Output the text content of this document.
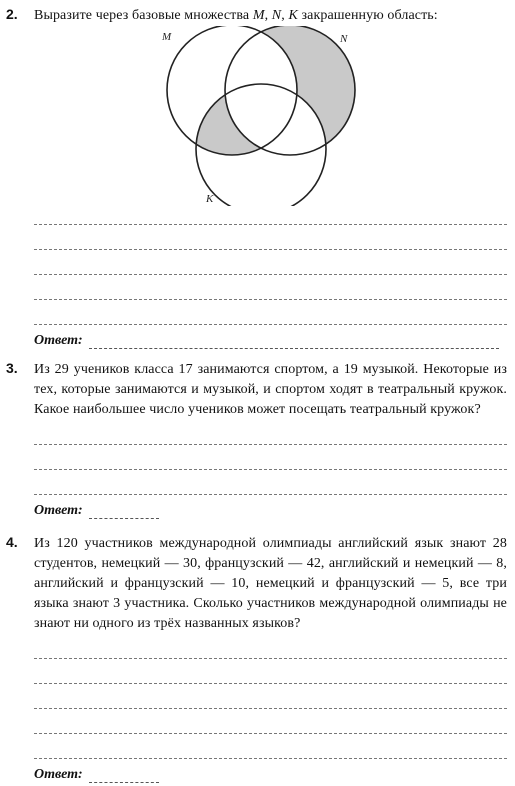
2.	Выразите через базовые множества M, N, K закрашенную область:
M	N
K
Ответ:
3.	Из 29 учеников класса 17 занимаются спортом, а 19 музыкой. Некоторые из тех, которые занимаются и музыкой, и спортом ходят в театральный кружок. Какое наибольшее число учеников может посещать театральный кружок?
Ответ:
4.	Из 120 участников международной олимпиады английский язык знают 28 студентов, немецкий — 30, французский — 42, английский и немецкий — 8, английский и французский — 10, немецкий и французский — 5, все три языка знают 3 участника. Сколько участников международной олимпиады не знают ни одного из трёх названных языков?
Ответ:
